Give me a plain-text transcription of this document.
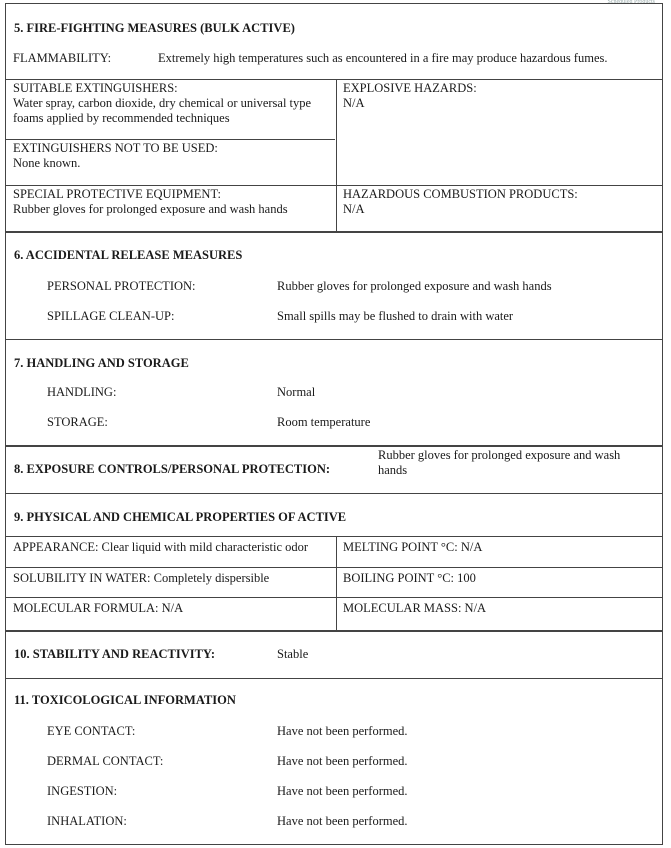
Scheduled Products
5. FIRE-FIGHTING MEASURES (BULK ACTIVE)
FLAMMABILITY:	Extremely high temperatures such as encountered in a fire may produce hazardous fumes.
SUITABLE EXTINGUISHERS:
Water spray, carbon dioxide, dry chemical or universal type foams applied by recommended techniques
EXPLOSIVE HAZARDS:
N/A
EXTINGUISHERS NOT TO BE USED:
None known.
SPECIAL PROTECTIVE EQUIPMENT:
Rubber gloves for prolonged exposure and wash hands
HAZARDOUS COMBUSTION PRODUCTS:
N/A
6. ACCIDENTAL RELEASE MEASURES
PERSONAL PROTECTION:	Rubber gloves for prolonged exposure and wash hands
SPILLAGE CLEAN-UP:	Small spills may be flushed to drain with water
7. HANDLING AND STORAGE
HANDLING:	Normal
STORAGE:	Room temperature
8. EXPOSURE CONTROLS/PERSONAL PROTECTION:
Rubber gloves for prolonged exposure and wash hands
9. PHYSICAL AND CHEMICAL PROPERTIES OF ACTIVE
APPEARANCE: Clear liquid with mild characteristic odor	MELTING POINT °C: N/A
SOLUBILITY IN WATER: Completely dispersible	BOILING POINT °C: 100
MOLECULAR FORMULA: N/A	MOLECULAR MASS: N/A
10. STABILITY AND REACTIVITY:	Stable
11. TOXICOLOGICAL INFORMATION
EYE CONTACT:	Have not been performed.
DERMAL CONTACT:	Have not been performed.
INGESTION:	Have not been performed.
INHALATION:	Have not been performed.
